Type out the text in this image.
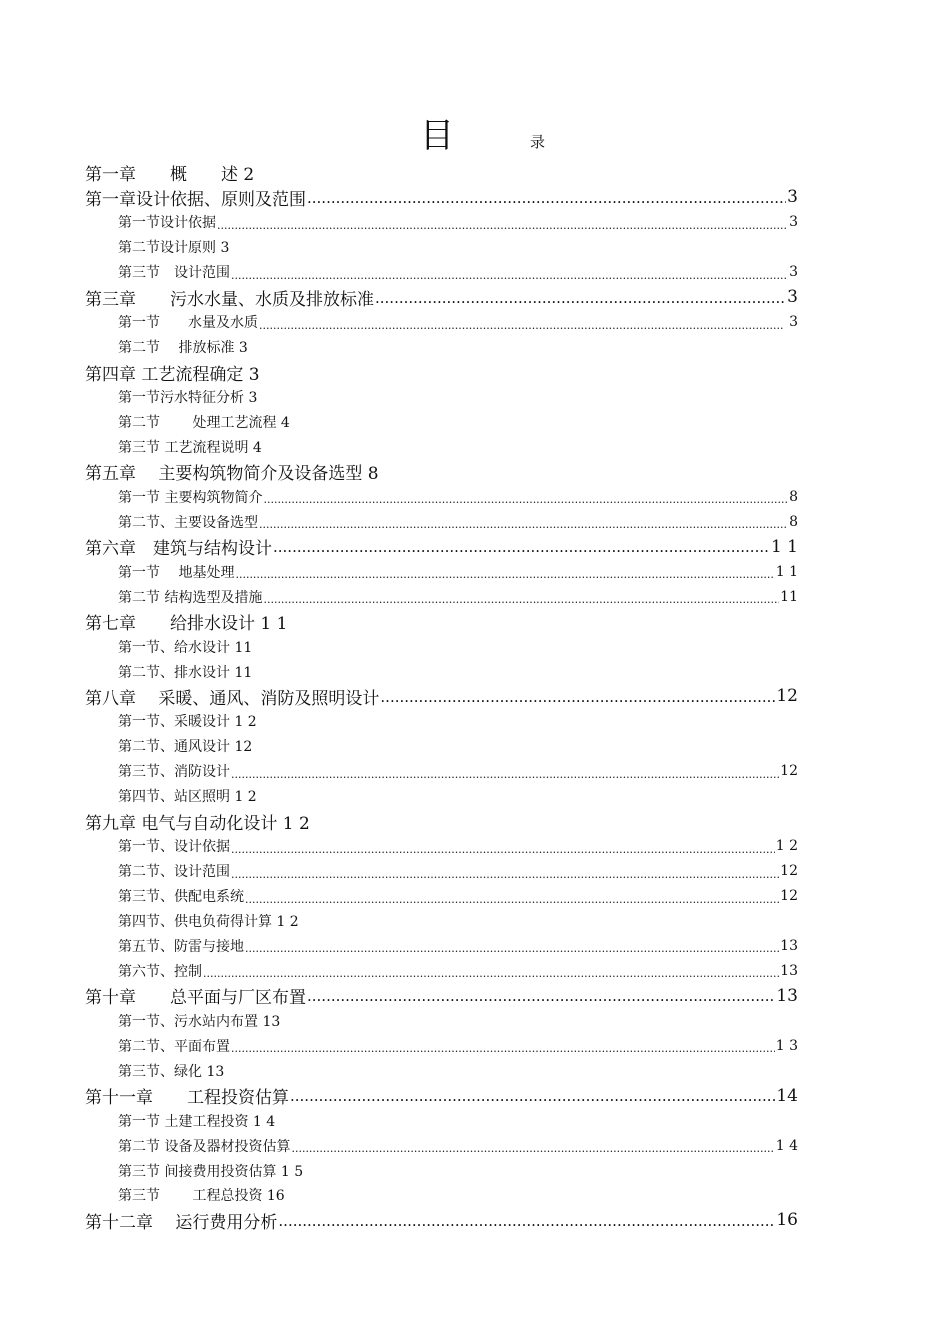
目	录
第一章　　概　　述 2
第一章设计依据、原则及范围 .....	3
第一节设计依据 .....	3
第二节设计原则 3
第三节　设计范围 .....	3
第三章　　污水水量、水质及排放标准 .....	3
第一节　　水量及水质 .....	3
第二节　 排放标准 3
第四章 工艺流程确定 3
第一节污水特征分析 3
第二节　　 处理工艺流程 4
第三节 工艺流程说明 4
第五章　 主要构筑物简介及设备选型 8
第一节 主要构筑物简介 .....	8
第二节、主要设备选型 .....	8
第六章　建筑与结构设计 .....	1 1
第一节　 地基处理 .....	1 1
第二节 结构选型及措施 .....	11
第七章　　给排水设计 1 1
第一节、给水设计 11
第二节、排水设计 11
第八章　 采暖、通风、消防及照明设计 .....	12
第一节、采暖设计 1 2
第二节、通风设计 12
第三节、消防设计 .....	12
第四节、站区照明 1 2
第九章 电气与自动化设计 1 2
第一节、设计依据 .....	1 2
第二节、设计范围 .....	12
第三节、供配电系统 .....	12
第四节、供电负荷得计算 1 2
第五节、防雷与接地 .....	13
第六节、控制 .....	13
第十章　　总平面与厂区布置 .....	13
第一节、污水站内布置 13
第二节、平面布置 .....	1 3
第三节、绿化 13
第十一章　　工程投资估算 .....	14
第一节 土建工程投资 1 4
第二节 设备及器材投资估算 .....	1 4
第三节 间接费用投资估算 1 5
第三节　　 工程总投资 16
第十二章　 运行费用分析 .....	16
